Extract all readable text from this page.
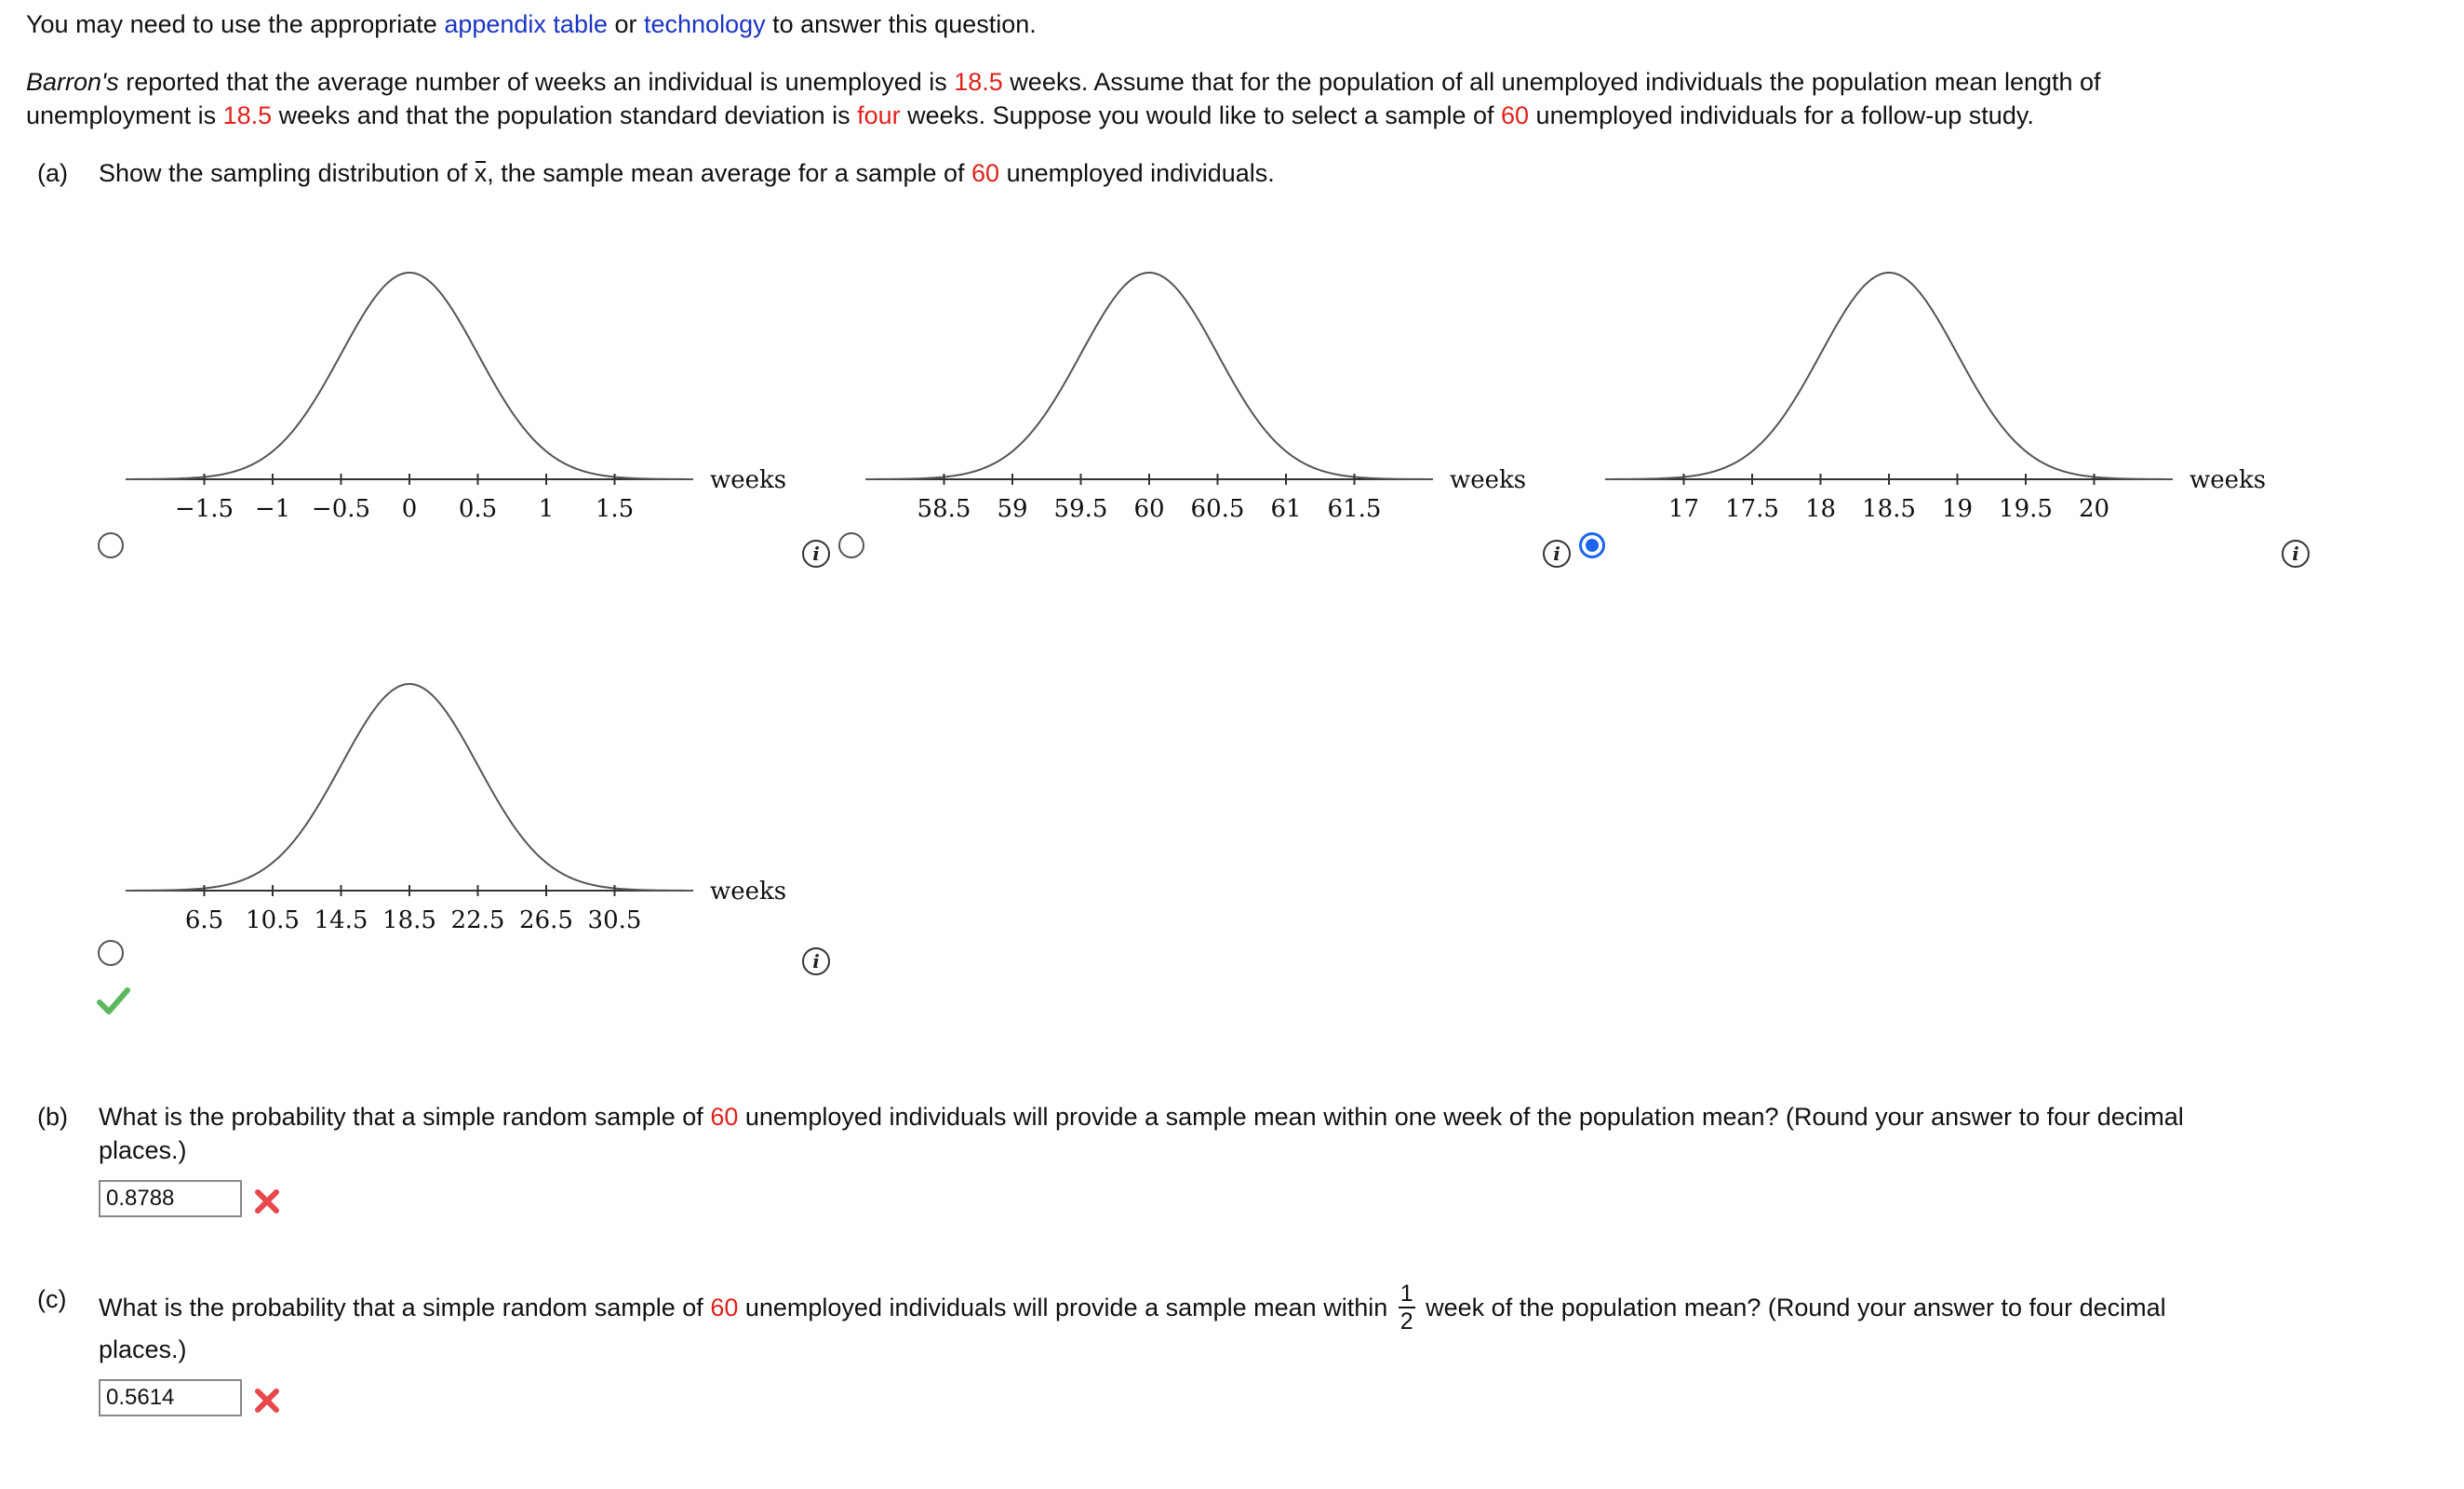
You may need to use the appropriate appendix table or technology to answer this question.
Barron's reported that the average number of weeks an individual is unemployed is 18.5 weeks. Assume that for the population of all unemployed individuals the population mean length of
unemployment is 18.5 weeks and that the population standard deviation is four weeks. Suppose you would like to select a sample of 60 unemployed individuals for a follow-up study.
(a) Show the sampling distribution of x, the sample mean average for a sample of 60 unemployed individuals.
−1.5 −1 −0.5 0 0.5 1 1.5
weeks
58.5 59 59.5 60 60.5 61 61.5
weeks
17 17.5 18 18.5 19 19.5 20
weeks
6.5 10.5 14.5 18.5 22.5 26.5 30.5
weeks
i	i	i
i
(b) What is the probability that a simple random sample of 60 unemployed individuals will provide a sample mean within one week of the population mean? (Round your answer to four decimal
places.)
0.8788
(c) What is the probability that a simple random sample of 60 unemployed individuals will provide a sample mean within $\frac{1}{2}$ week of the population mean? (Round your answer to four decimal
places.)
0.5614
